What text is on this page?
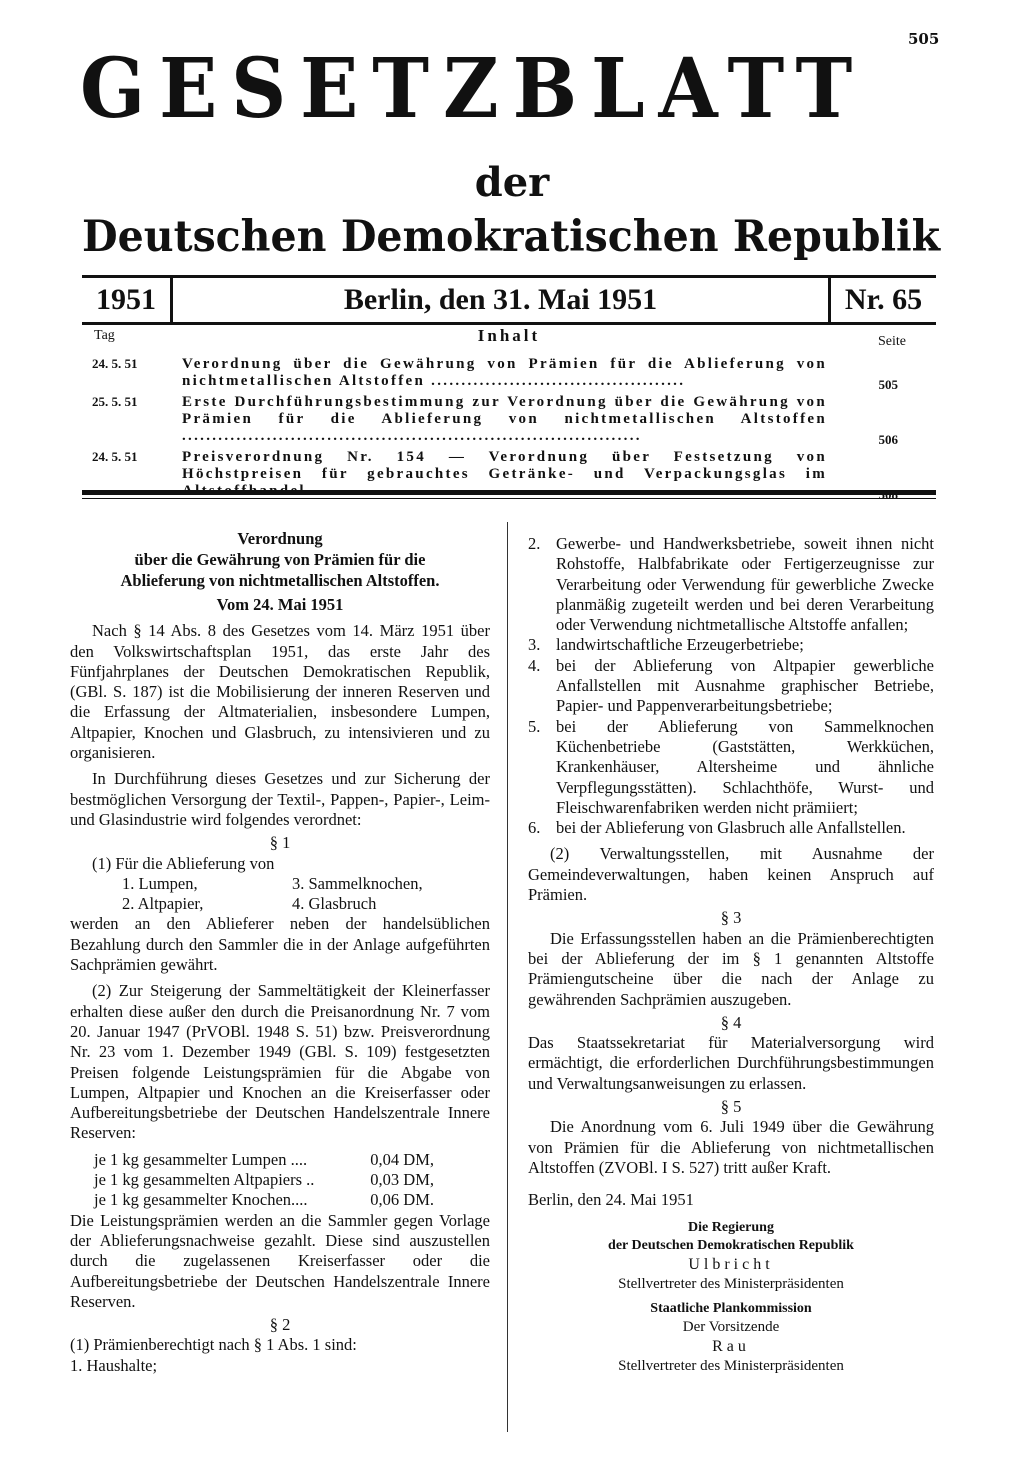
505
GESETZBLATT
der
Deutschen Demokratischen Republik
1951	Berlin, den 31. Mai 1951	Nr. 65
Tag	Inhalt	Seite
24. 5. 51	Verordnung über die Gewährung von Prämien für die Ablieferung von nichtmetallischen Altstoffen ..........................................	505
25. 5. 51	Erste Durchführungsbestimmung zur Verordnung über die Gewährung von Prämien für die Ablieferung von nichtmetallischen Altstoffen ............................................................................	506
24. 5. 51	Preisverordnung Nr. 154 — Verordnung über Festsetzung von Höchstpreisen für gebrauchtes Getränke- und Verpackungsglas im Altstoffhandel ...............................................................	508

Verordnung

über die Gewährung von Prämien für die

Ablieferung von nichtmetallischen Altstoffen.

Vom 24. Mai 1951

Nach § 14 Abs. 8 des Gesetzes vom 14. März 1951 über den Volkswirtschaftsplan 1951, das erste Jahr des Fünfjahrplanes der Deutschen Demokratischen Republik, (GBl. S. 187) ist die Mobilisierung der inneren Reserven und die Erfassung der Altmaterialien, insbesondere Lumpen, Altpapier, Knochen und Glasbruch, zu intensivieren und zu organisieren.

In Durchführung dieses Gesetzes und zur Sicherung der bestmöglichen Versorgung der Textil-, Pappen-, Papier-, Leim- und Glasindustrie wird folgendes verordnet:

§ 1

(1) Für die Ablieferung von

1. Lumpen,	3. Sammelknochen,
2. Altpapier,	4. Glasbruch

werden an den Ablieferer neben der handelsüblichen Bezahlung durch den Sammler die in der Anlage aufgeführten Sachprämien gewährt.

(2) Zur Steigerung der Sammeltätigkeit der Kleinerfasser erhalten diese außer den durch die Preisanordnung Nr. 7 vom 20. Januar 1947 (PrVOBl. 1948 S. 51) bzw. Preisverordnung Nr. 23 vom 1. Dezember 1949 (GBl. S. 109) festgesetzten Preisen folgende Leistungsprämien für die Abgabe von Lumpen, Altpapier und Knochen an die Kreiserfasser oder Aufbereitungsbetriebe der Deutschen Handelszentrale Innere Reserven:

je 1 kg gesammelter Lumpen ....	0,04 DM,
je 1 kg gesammelten Altpapiers ..	0,03 DM,
je 1 kg gesammelter Knochen....	0,06 DM.

Die Leistungsprämien werden an die Sammler gegen Vorlage der Ablieferungsnachweise gezahlt. Diese sind auszustellen durch die zugelassenen Kreiserfasser oder die Aufbereitungsbetriebe der Deutschen Handelszentrale Innere Reserven.

§ 2

(1) Prämienberechtigt nach § 1 Abs. 1 sind:

1. Haushalte;

2. Gewerbe- und Handwerksbetriebe, soweit ihnen nicht Rohstoffe, Halbfabrikate oder Fertigerzeugnisse zur Verarbeitung oder Verwendung für gewerbliche Zwecke planmäßig zugeteilt werden und bei deren Verarbeitung oder Verwendung nichtmetallische Altstoffe anfallen;
3. landwirtschaftliche Erzeugerbetriebe;
4. bei der Ablieferung von Altpapier gewerbliche Anfallstellen mit Ausnahme graphischer Betriebe, Papier- und Pappenverarbeitungsbetriebe;
5. bei der Ablieferung von Sammelknochen Küchenbetriebe (Gaststätten, Werkküchen, Krankenhäuser, Altersheime und ähnliche Verpflegungsstätten). Schlachthöfe, Wurst- und Fleischwarenfabriken werden nicht prämiiert;
6. bei der Ablieferung von Glasbruch alle Anfallstellen.

(2) Verwaltungsstellen, mit Ausnahme der Gemeindeverwaltungen, haben keinen Anspruch auf Prämien.

§ 3

Die Erfassungsstellen haben an die Prämienberechtigten bei der Ablieferung der im § 1 genannten Altstoffe Prämiengutscheine über die nach der Anlage zu gewährenden Sachprämien auszugeben.

§ 4

Das Staatssekretariat für Materialversorgung wird ermächtigt, die erforderlichen Durchführungsbestimmungen und Verwaltungsanweisungen zu erlassen.

§ 5

Die Anordnung vom 6. Juli 1949 über die Gewährung von Prämien für die Ablieferung von nichtmetallischen Altstoffen (ZVOBl. I S. 527) tritt außer Kraft.

Berlin, den 24. Mai 1951

Die Regierung

der Deutschen Demokratischen Republik

Ulbricht

Stellvertreter des Ministerpräsidenten

Staatliche Plankommission

Der Vorsitzende

Rau

Stellvertreter des Ministerpräsidenten
